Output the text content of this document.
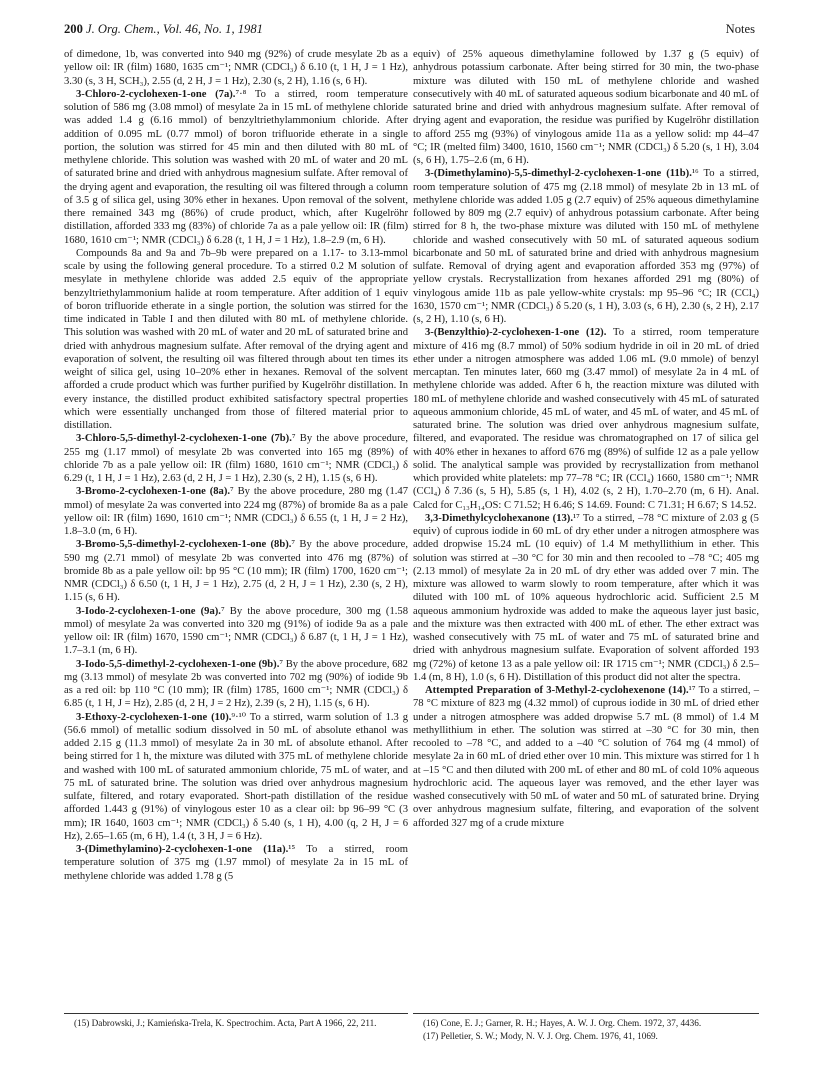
200 J. Org. Chem., Vol. 46, No. 1, 1981	Notes

of dimedone, 1b, was converted into 940 mg (92%) of crude mesylate 2b as a yellow oil: IR (film) 1680, 1635 cm⁻¹; NMR (CDCl₃) δ 6.10 (t, 1 H, J = 1 Hz), 3.30 (s, 3 H, SCH₃), 2.55 (d, 2 H, J = 1 Hz), 2.30 (s, 2 H), 1.16 (s, 6 H).

3-Chloro-2-cyclohexen-1-one (7a).⁷·⁸ To a stirred, room temperature solution of 586 mg (3.08 mmol) of mesylate 2a in 15 mL of methylene chloride was added 1.4 g (6.16 mmol) of benzyltriethylammonium chloride. After addition of 0.095 mL (0.77 mmol) of boron trifluoride etherate in a single portion, the solution was stirred for 45 min and then diluted with 80 mL of methylene chloride. This solution was washed with 20 mL of water and 20 mL of saturated brine and dried with anhydrous magnesium sulfate. After removal of the drying agent and evaporation, the resulting oil was filtered through a column of 3.5 g of silica gel, using 30% ether in hexanes. Upon removal of the solvent, there remained 343 mg (86%) of crude product, which, after Kugelröhr distillation, afforded 333 mg (83%) of chloride 7a as a pale yellow oil: IR (film) 1680, 1610 cm⁻¹; NMR (CDCl₃) δ 6.28 (t, 1 H, J = 1 Hz), 1.8–2.9 (m, 6 H).

Compounds 8a and 9a and 7b–9b were prepared on a 1.17- to 3.13-mmol scale by using the following general procedure. To a stirred 0.2 M solution of mesylate in methylene chloride was added 2.5 equiv of the appropriate benzyltriethylammonium halide at room temperature. After addition of 1 equiv of boron trifluoride etherate in a single portion, the solution was stirred for the time indicated in Table I and then diluted with 80 mL of methylene chloride. This solution was washed with 20 mL of water and 20 mL of saturated brine and dried with anhydrous magnesium sulfate. After removal of the drying agent and evaporation of solvent, the resulting oil was filtered through about ten times its weight of silica gel, using 10–20% ether in hexanes. Removal of the solvent afforded a crude product which was further purified by Kugelröhr distillation. In every instance, the distilled product exhibited satisfactory spectral properties which were essentially unchanged from those of filtered material prior to distillation.

3-Chloro-5,5-dimethyl-2-cyclohexen-1-one (7b).⁷ By the above procedure, 255 mg (1.17 mmol) of mesylate 2b was converted into 165 mg (89%) of chloride 7b as a pale yellow oil: IR (film) 1680, 1610 cm⁻¹; NMR (CDCl₃) δ 6.29 (t, 1 H, J = 1 Hz), 2.63 (d, 2 H, J = 1 Hz), 2.30 (s, 2 H), 1.15 (s, 6 H).

3-Bromo-2-cyclohexen-1-one (8a).⁷ By the above procedure, 280 mg (1.47 mmol) of mesylate 2a was converted into 224 mg (87%) of bromide 8a as a pale yellow oil: IR (film) 1690, 1610 cm⁻¹; NMR (CDCl₃) δ 6.55 (t, 1 H, J = 2 Hz), 1.8–3.0 (m, 6 H).

3-Bromo-5,5-dimethyl-2-cyclohexen-1-one (8b).⁷ By the above procedure, 590 mg (2.71 mmol) of mesylate 2b was converted into 476 mg (87%) of bromide 8b as a pale yellow oil: bp 95 °C (10 mm); IR (film) 1700, 1620 cm⁻¹; NMR (CDCl₃) δ 6.50 (t, 1 H, J = 1 Hz), 2.75 (d, 2 H, J = 1 Hz), 2.30 (s, 2 H), 1.15 (s, 6 H).

3-Iodo-2-cyclohexen-1-one (9a).⁷ By the above procedure, 300 mg (1.58 mmol) of mesylate 2a was converted into 320 mg (91%) of iodide 9a as a pale yellow oil: IR (film) 1670, 1590 cm⁻¹; NMR (CDCl₃) δ 6.87 (t, 1 H, J = 1 Hz), 1.7–3.1 (m, 6 H).

3-Iodo-5,5-dimethyl-2-cyclohexen-1-one (9b).⁷ By the above procedure, 682 mg (3.13 mmol) of mesylate 2b was converted into 702 mg (90%) of iodide 9b as a red oil: bp 110 °C (10 mm); IR (film) 1785, 1600 cm⁻¹; NMR (CDCl₃) δ 6.85 (t, 1 H, J = Hz), 2.85 (d, 2 H, J = 2 Hz), 2.39 (s, 2 H), 1.15 (s, 6 H).

3-Ethoxy-2-cyclohexen-1-one (10).⁹·¹⁰ To a stirred, warm solution of 1.3 g (56.6 mmol) of metallic sodium dissolved in 50 mL of absolute ethanol was added 2.15 g (11.3 mmol) of mesylate 2a in 30 mL of absolute ethanol. After being stirred for 1 h, the mixture was diluted with 375 mL of methylene chloride and washed with 100 mL of saturated ammonium chloride, 75 mL of water, and 75 mL of saturated brine. The solution was dried over anhydrous magnesium sulfate, filtered, and rotary evaporated. Short-path distillation of the residue afforded 1.443 g (91%) of vinylogous ester 10 as a clear oil: bp 96–99 °C (3 mm); IR 1640, 1603 cm⁻¹; NMR (CDCl₃) δ 5.40 (s, 1 H), 4.00 (q, 2 H, J = 6 Hz), 2.65–1.65 (m, 6 H), 1.4 (t, 3 H, J = 6 Hz).

3-(Dimethylamino)-2-cyclohexen-1-one (11a).¹⁵ To a stirred, room temperature solution of 375 mg (1.97 mmol) of mesylate 2a in 15 mL of methylene chloride was added 1.78 g (5

equiv) of 25% aqueous dimethylamine followed by 1.37 g (5 equiv) of anhydrous potassium carbonate. After being stirred for 30 min, the two-phase mixture was diluted with 150 mL of methylene chloride and washed consecutively with 40 mL of saturated aqueous sodium bicarbonate and 40 mL of saturated brine and dried with anhydrous magnesium sulfate. After removal of drying agent and evaporation, the residue was purified by Kugelröhr distillation to afford 255 mg (93%) of vinylogous amide 11a as a yellow solid: mp 44–47 °C; IR (melted film) 3400, 1610, 1560 cm⁻¹; NMR (CDCl₃) δ 5.20 (s, 1 H), 3.04 (s, 6 H), 1.75–2.6 (m, 6 H).

3-(Dimethylamino)-5,5-dimethyl-2-cyclohexen-1-one (11b).¹⁶ To a stirred, room temperature solution of 475 mg (2.18 mmol) of mesylate 2b in 13 mL of methylene chloride was added 1.05 g (2.7 equiv) of 25% aqueous dimethylamine followed by 809 mg (2.7 equiv) of anhydrous potassium carbonate. After being stirred for 8 h, the two-phase mixture was diluted with 150 mL of methylene chloride and washed consecutively with 50 mL of saturated aqueous sodium bicarbonate and 50 mL of saturated brine and dried with anhydrous magnesium sulfate. Removal of drying agent and evaporation afforded 353 mg (97%) of yellow crystals. Recrystallization from hexanes afforded 291 mg (80%) of vinylogous amide 11b as pale yellow-white crystals: mp 95–96 °C; IR (CCl₄) 1630, 1570 cm⁻¹; NMR (CDCl₃) δ 5.20 (s, 1 H), 3.03 (s, 6 H), 2.30 (s, 2 H), 2.17 (s, 2 H), 1.10 (s, 6 H).

3-(Benzylthio)-2-cyclohexen-1-one (12). To a stirred, room temperature mixture of 416 mg (8.7 mmol) of 50% sodium hydride in oil in 20 mL of dried ether under a nitrogen atmosphere was added 1.06 mL (9.0 mmole) of benzyl mercaptan. Ten minutes later, 660 mg (3.47 mmol) of mesylate 2a in 4 mL of methylene chloride was added. After 6 h, the reaction mixture was diluted with 180 mL of methylene chloride and washed consecutively with 45 mL of saturated aqueous ammonium chloride, 45 mL of water, and 45 mL of water, and 45 mL of saturated brine. The solution was dried over anhydrous magnesium sulfate, filtered, and evaporated. The residue was chromatographed on 17 of silica gel with 40% ether in hexanes to afford 676 mg (89%) of sulfide 12 as a pale yellow solid. The analytical sample was provided by recrystallization from methanol which provided white platelets: mp 77–78 °C; IR (CCl₄) 1660, 1580 cm⁻¹; NMR (CCl₄) δ 7.36 (s, 5 H), 5.85 (s, 1 H), 4.02 (s, 2 H), 1.70–2.70 (m, 6 H). Anal. Calcd for C₁₃H₁₄OS: C 71.52; H 6.46; S 14.69. Found: C 71.31; H 6.67; S 14.52.

3,3-Dimethylcyclohexanone (13).¹⁷ To a stirred, –78 °C mixture of 2.03 g (5 equiv) of cuprous iodide in 60 mL of dry ether under a nitrogen atmosphere was added dropwise 15.24 mL (10 equiv) of 1.4 M methyllithium in ether. This solution was stirred at –30 °C for 30 min and then recooled to –78 °C; 405 mg (2.13 mmol) of mesylate 2a in 20 mL of dry ether was added over 7 min. The mixture was allowed to warm slowly to room temperature, after which it was diluted with 100 mL of 10% aqueous hydrochloric acid. Sufficient 2.5 M aqueous ammonium hydroxide was added to make the aqueous layer just basic, and the mixture was then extracted with 400 mL of ether. The ether extract was washed consecutively with 75 mL of water and 75 mL of saturated brine and dried with anhydrous magnesium sulfate. Evaporation of solvent afforded 193 mg (72%) of ketone 13 as a pale yellow oil: IR 1715 cm⁻¹; NMR (CDCl₃) δ 2.5–1.4 (m, 8 H), 1.0 (s, 6 H). Distillation of this product did not alter the spectra.

Attempted Preparation of 3-Methyl-2-cyclohexenone (14).¹⁷ To a stirred, –78 °C mixture of 823 mg (4.32 mmol) of cuprous iodide in 30 mL of dried ether under a nitrogen atmosphere was added dropwise 5.7 mL (8 mmol) of 1.4 M methyllithium in ether. The solution was stirred at –30 °C for 30 min, then recooled to –78 °C, and added to a –40 °C solution of 764 mg (4 mmol) of mesylate 2a in 60 mL of dried ether over 10 min. This mixture was stirred for 1 h at –15 °C and then diluted with 200 mL of ether and 80 mL of cold 10% aqueous hydrochloric acid. The aqueous layer was removed, and the ether layer was washed consecutively with 50 mL of water and 50 mL of saturated brine. Drying over anhydrous magnesium sulfate, filtering, and evaporation of the solvent afforded 327 mg of a crude mixture

(15) Dabrowski, J.; Kamieńska-Trela, K. Spectrochim. Acta, Part A 1966, 22, 211.	(16) Cone, E. J.; Garner, R. H.; Hayes, A. W. J. Org. Chem. 1972, 37, 4436.

(17) Pelletier, S. W.; Mody, N. V. J. Org. Chem. 1976, 41, 1069.
